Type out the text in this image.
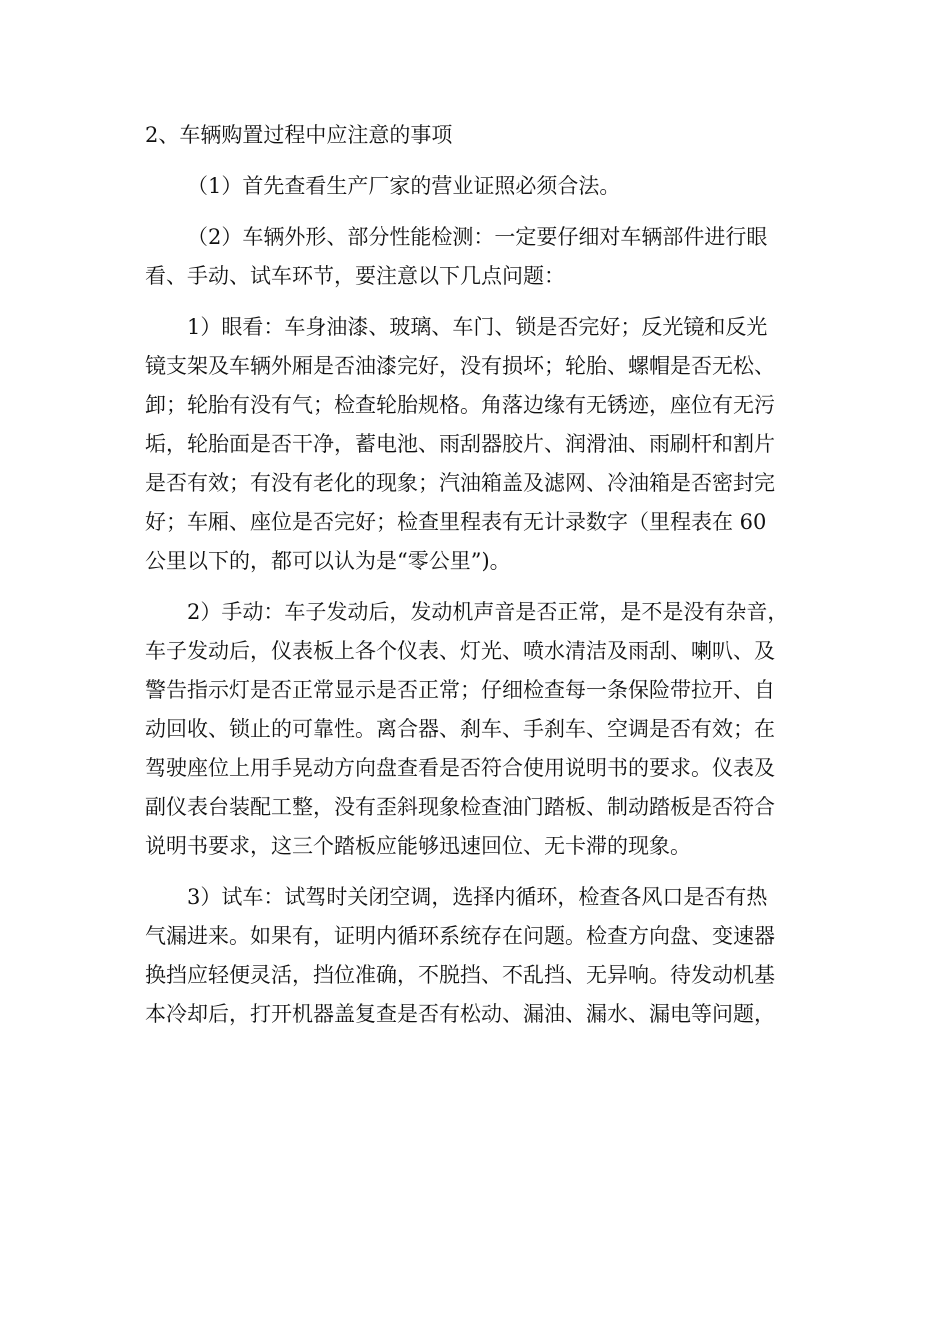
2、车辆购置过程中应注意的事项
（1）首先查看生产厂家的营业证照必须合法。
（2）车辆外形、部分性能检测：一定要仔细对车辆部件进行眼
看、手动、试车环节，要注意以下几点问题：
1）眼看：车身油漆、玻璃、车门、锁是否完好；反光镜和反光
镜支架及车辆外厢是否油漆完好，没有损坏；轮胎、螺帽是否无松、
卸；轮胎有没有气；检查轮胎规格。角落边缘有无锈迹，座位有无污
垢，轮胎面是否干净，蓄电池、雨刮器胶片、润滑油、雨刷杆和割片
是否有效；有没有老化的现象；汽油箱盖及滤网、冷油箱是否密封完
好；车厢、座位是否完好；检查里程表有无计录数字（里程表在 60
公里以下的，都可以认为是“零公里”)。
2）手动：车子发动后，发动机声音是否正常，是不是没有杂音，
车子发动后，仪表板上各个仪表、灯光、喷水清洁及雨刮、喇叭、及
警告指示灯是否正常显示是否正常；仔细检查每一条保险带拉开、自
动回收、锁止的可靠性。离合器、刹车、手刹车、空调是否有效；在
驾驶座位上用手晃动方向盘查看是否符合使用说明书的要求。仪表及
副仪表台装配工整，没有歪斜现象检查油门踏板、制动踏板是否符合
说明书要求，这三个踏板应能够迅速回位、无卡滞的现象。
3）试车：试驾时关闭空调，选择内循环，检查各风口是否有热
气漏进来。如果有，证明内循环系统存在问题。检查方向盘、变速器
换挡应轻便灵活，挡位准确，不脱挡、不乱挡、无异响。待发动机基
本冷却后，打开机器盖复查是否有松动、漏油、漏水、漏电等问题，
